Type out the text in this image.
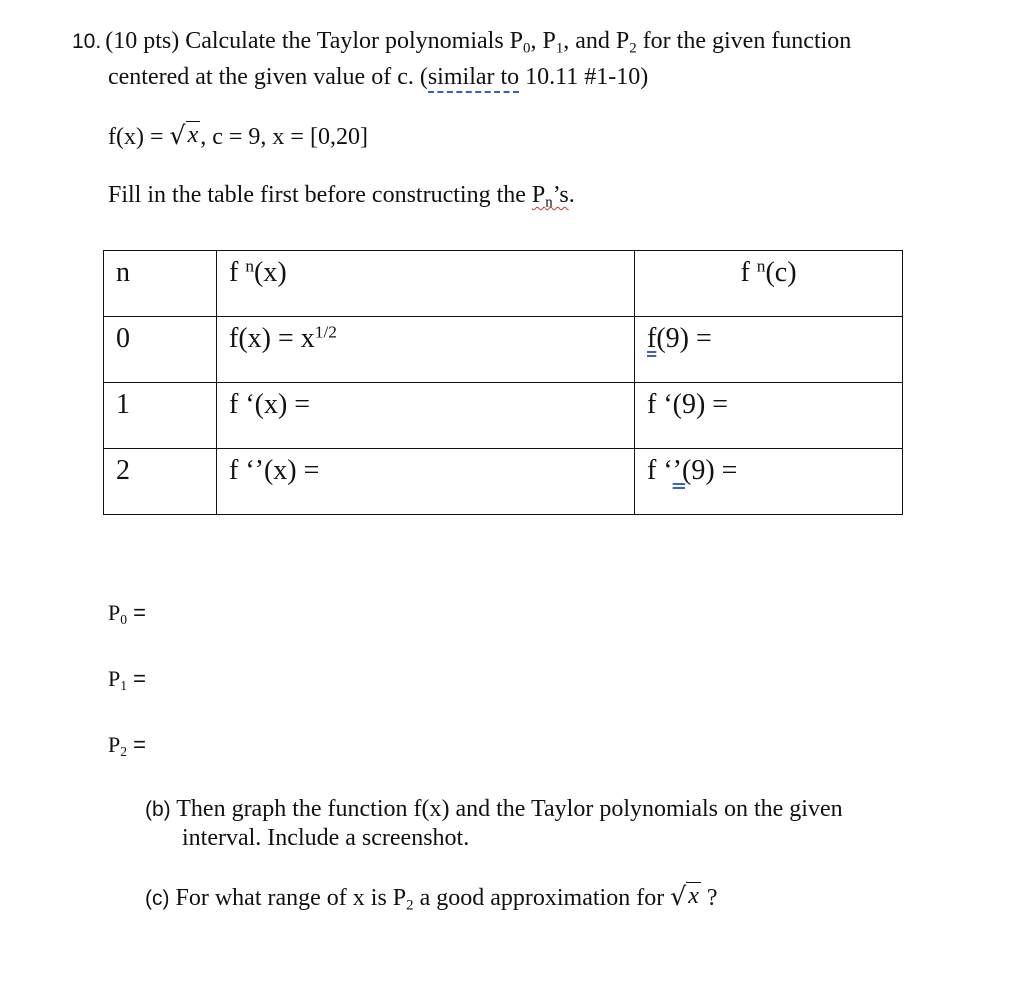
10. (10 pts) Calculate the Taylor polynomials $P_0$, $P_1$, and $P_2$ for the given function
centered at the given value of c. (similar to 10.11 #1-10)
f(x) = √ x , c = 9, x = [0,20]
Fill in the table first before constructing the $P_n’s$.
n	f $^n$(x)	f $^n$(c)
0	$f(x) = x^{1/2}$	f(9) =
1	f ‘(x) =	f ‘(9) =
2	f ‘’(x) =	f ‘’(9) =
$P_0$ =
$P_1$ =
$P_2$ =
(b) Then graph the function f(x) and the Taylor polynomials on the given
interval. Include a screenshot.
(c) For what range of x is $P_2$ a good approximation for √ x ?
